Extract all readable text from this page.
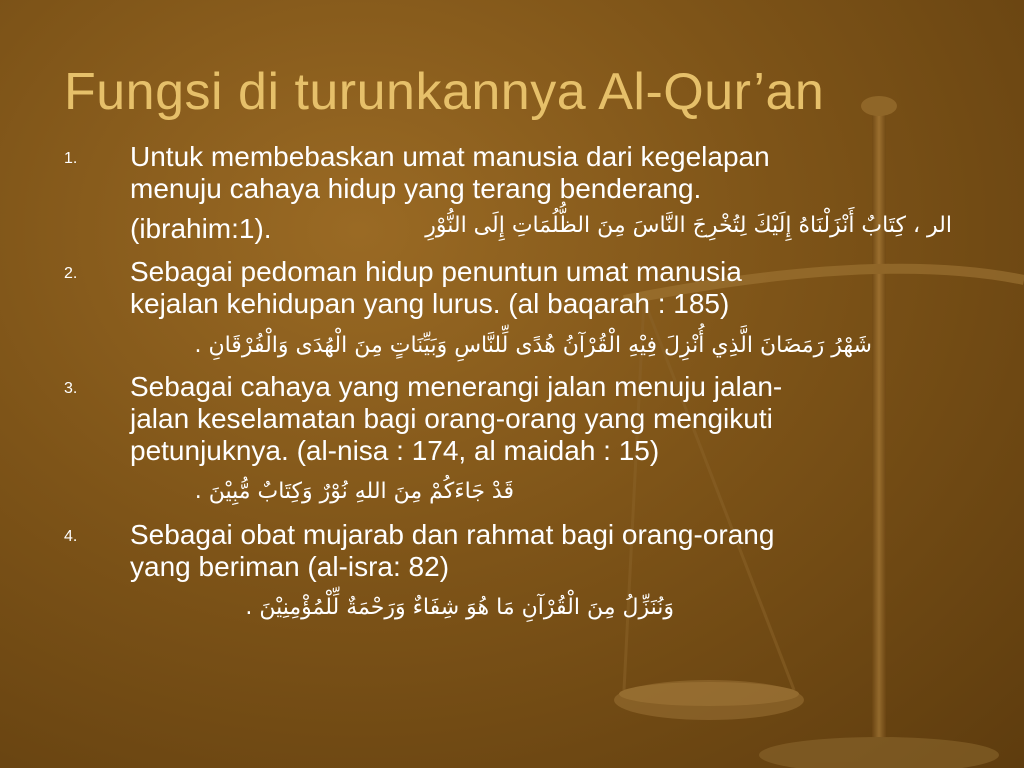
Fungsi di turunkannya Al-Qur’an
1. Untuk membebaskan umat manusia dari kegelapan
menuju cahaya hidup yang terang benderang.
(ibrahim:1).	الر ، كِتَابٌ أَنْزَلْنَاهُ إِلَيْكَ لِتُخْرِجَ النَّاسَ مِنَ الظُّلُمَاتِ إِلَى النُّوْرِ
2. Sebagai pedoman hidup penuntun umat manusia
kejalan kehidupan yang lurus. (al baqarah : 185)
شَهْرُ رَمَضَانَ الَّذِي أُنْزِلَ فِيْهِ الْقُرْآنُ هُدًى لِّلنَّاسِ وَبَيِّنَاتٍ مِنَ الْهُدَى وَالْفُرْقَانِ .
3. Sebagai cahaya yang menerangi jalan menuju jalan-
jalan keselamatan bagi orang-orang yang mengikuti
petunjuknya. (al-nisa : 174, al maidah : 15)
قَدْ جَاءَكُمْ مِنَ اللهِ نُوْرٌ وَكِتَابٌ مُّبِيْنَ .
4. Sebagai obat mujarab dan rahmat bagi orang-orang
yang beriman (al-isra: 82)
وَنُنَزِّلُ مِنَ الْقُرْآنِ مَا هُوَ شِفَاءٌ وَرَحْمَةٌ لِّلْمُؤْمِنِيْنَ .
